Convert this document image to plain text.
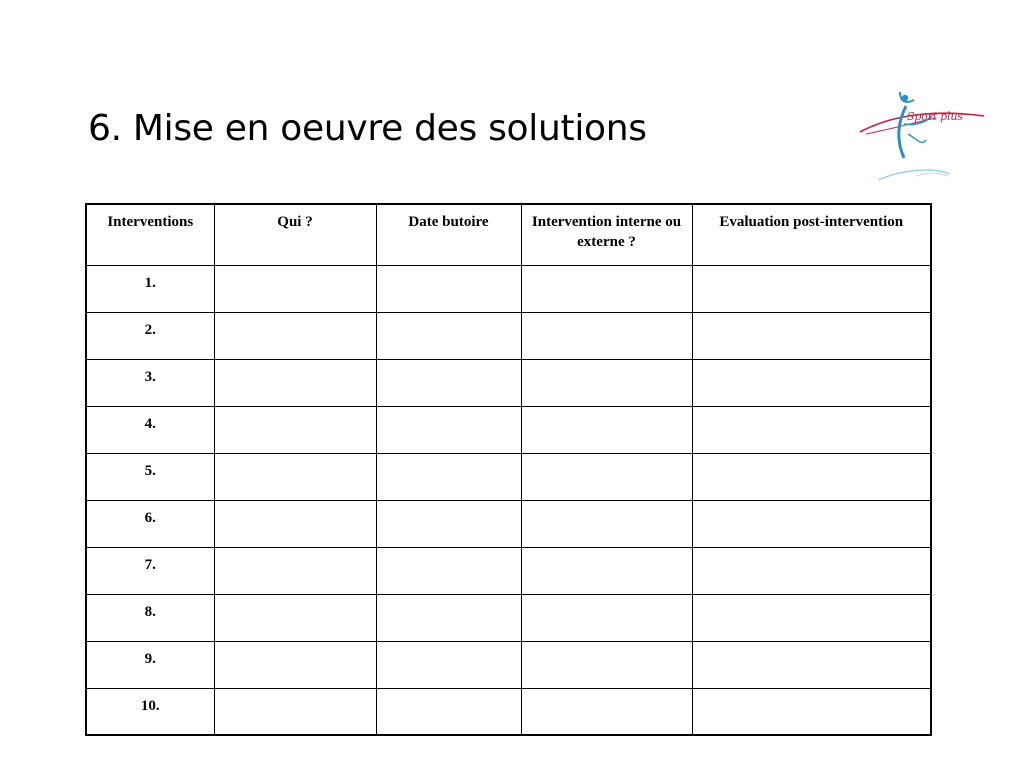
6. Mise en oeuvre des solutions	Sport plus
Interventions	Qui ?	Date butoire	Intervention interne ou externe ?	Evaluation post-intervention
1.				
2.				
3.				
4.				
5.				
6.				
7.				
8.				
9.				
10.				
